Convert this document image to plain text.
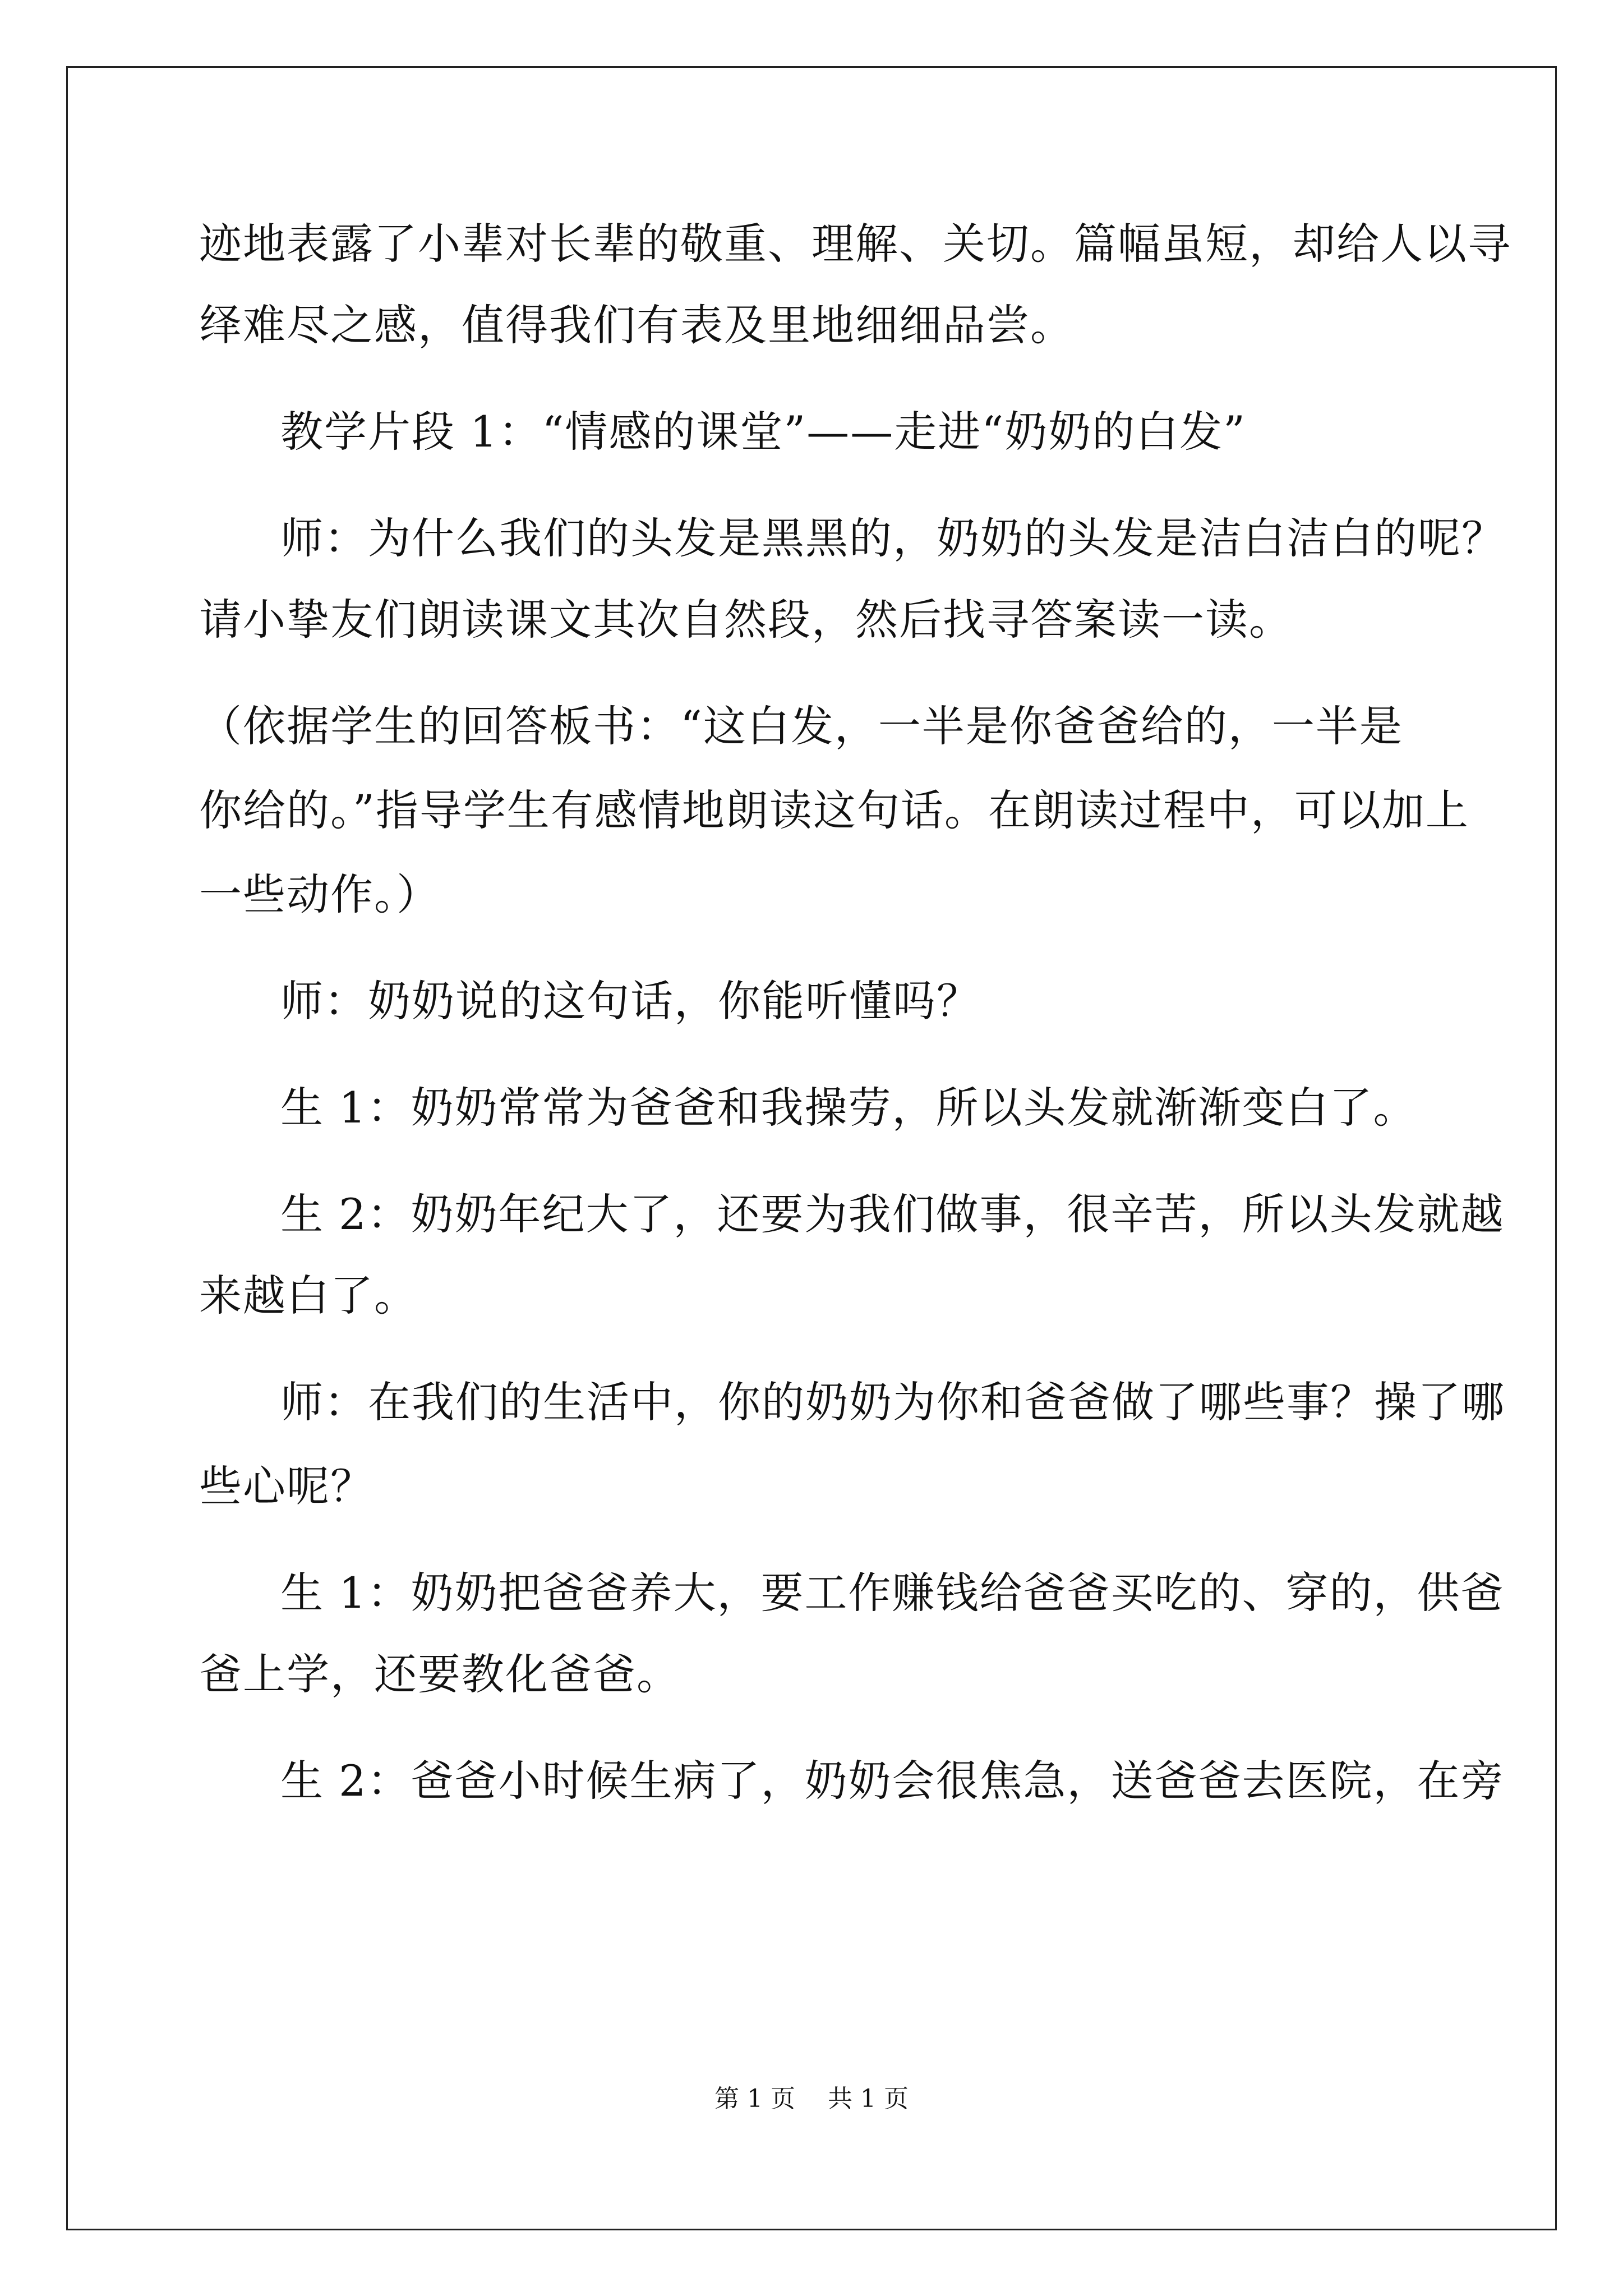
迹地表露了小辈对长辈的敬重、理解、关切。篇幅虽短，却给人以寻
绎难尽之感，值得我们有表及里地细细品尝。
教学片段 1：“情感的课堂”——走进“奶奶的白发”
师：为什么我们的头发是黑黑的，奶奶的头发是洁白洁白的呢？
请小挚友们朗读课文其次自然段，然后找寻答案读一读。
（依据学生的回答板书：“这白发，一半是你爸爸给的，一半是
你给的。”指导学生有感情地朗读这句话。在朗读过程中，可以加上
一些动作。）
师：奶奶说的这句话，你能听懂吗？
生 1：奶奶常常为爸爸和我操劳，所以头发就渐渐变白了。
生 2：奶奶年纪大了，还要为我们做事，很辛苦，所以头发就越
来越白了。
师：在我们的生活中，你的奶奶为你和爸爸做了哪些事？操了哪
些心呢？
生 1：奶奶把爸爸养大，要工作赚钱给爸爸买吃的、穿的，供爸
爸上学，还要教化爸爸。
生 2：爸爸小时候生病了，奶奶会很焦急，送爸爸去医院，在旁
第 1 页 共 1 页
